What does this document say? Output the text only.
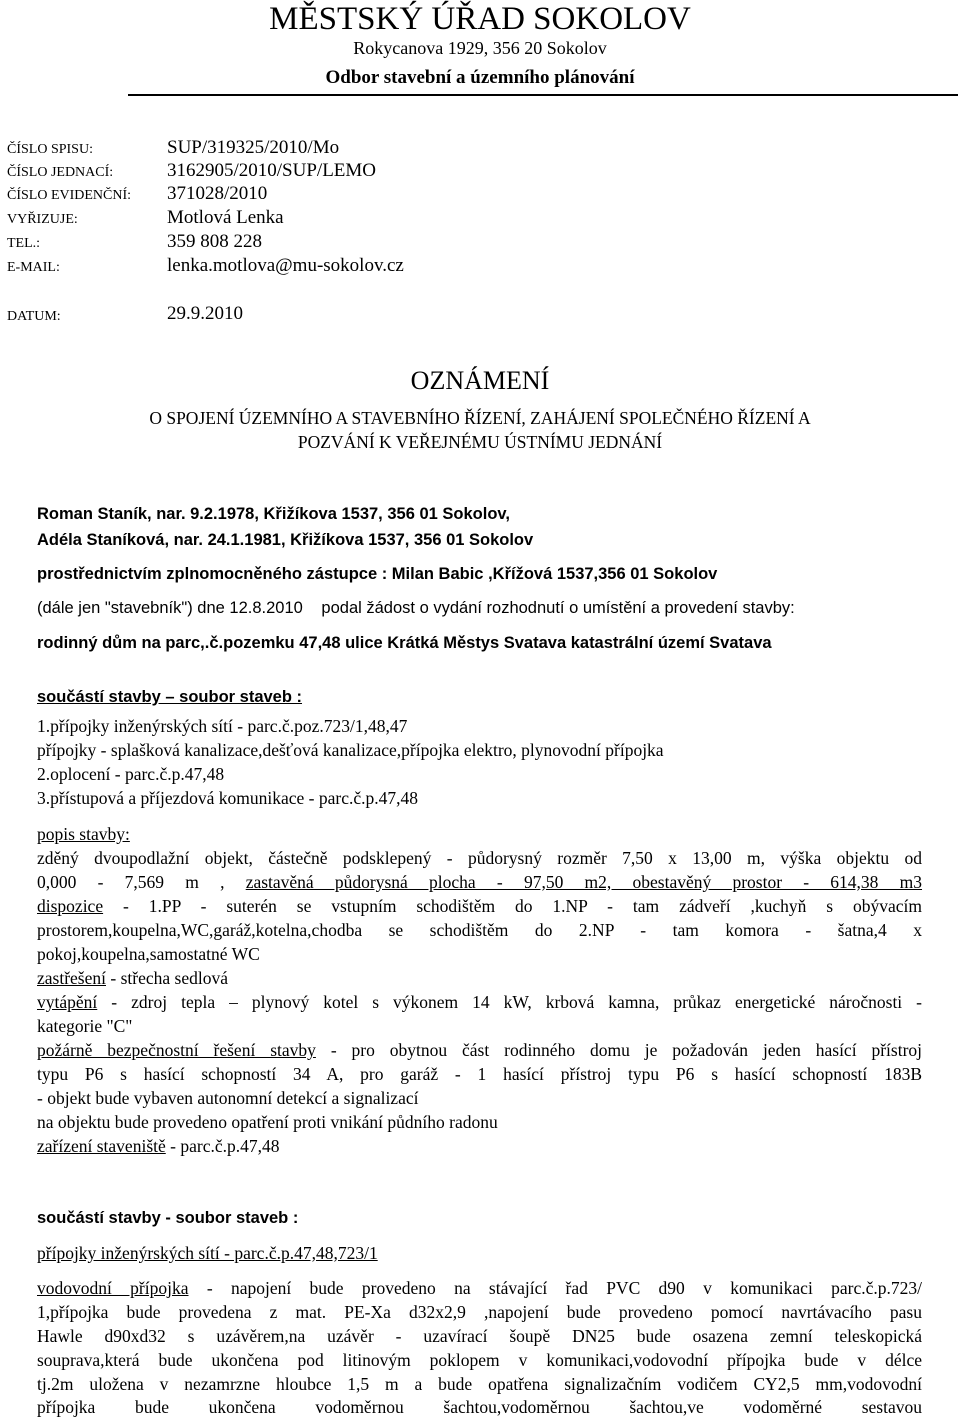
MĚSTSKÝ ÚŘAD SOKOLOV
Rokycanova 1929, 356 20 Sokolov
Odbor stavební a územního plánování
ČÍSLO SPISU:	SUP/319325/2010/Mo
ČÍSLO JEDNACÍ:	3162905/2010/SUP/LEMO
ČÍSLO EVIDENČNÍ: 371028/2010
VYŘIZUJE:	Motlová Lenka
TEL.:	359 808 228
E-MAIL:	lenka.motlova@mu-sokolov.cz
DATUM:	29.9.2010
OZNÁMENÍ
O SPOJENÍ ÚZEMNÍHO A STAVEBNÍHO ŘÍZENÍ, ZAHÁJENÍ SPOLEČNÉHO ŘÍZENÍ A
POZVÁNÍ K VEŘEJNÉMU ÚSTNÍMU JEDNÁNÍ
Roman Staník, nar. 9.2.1978, Křižíkova 1537, 356 01 Sokolov,
Adéla Staníková, nar. 24.1.1981, Křižíkova 1537, 356 01 Sokolov
prostřednictvím zplnomocněného zástupce : Milan Babic ,Křížová 1537,356 01 Sokolov
(dále jen "stavebník") dne 12.8.2010 podal žádost o vydání rozhodnutí o umístění a provedení stavby:
rodinný dům na parc,.č.pozemku 47,48 ulice Krátká Městys Svatava katastrální území Svatava
součástí stavby – soubor staveb :
1.přípojky inženýrských sítí - parc.č.poz.723/1,48,47
přípojky - splašková kanalizace,dešťová kanalizace,přípojka elektro, plynovodní přípojka
2.oplocení - parc.č.p.47,48
3.přístupová a příjezdová komunikace - parc.č.p.47,48
popis stavby:
zděný dvoupodlažní objekt, částečně podsklepený - půdorysný rozměr 7,50 x 13,00 m, výška objektu od
0,000 - 7,569 m , zastavěná půdorysná plocha - 97,50 m2, obestavěný prostor - 614,38 m3
dispozice - 1.PP - suterén se vstupním schodištěm do 1.NP - tam zádveří ,kuchyň s obývacím
prostorem,koupelna,WC,garáž,kotelna,chodba se schodištěm do 2.NP - tam komora - šatna,4 x
pokoj,koupelna,samostatné WC
zastřešení - střecha sedlová
vytápění - zdroj tepla – plynový kotel s výkonem 14 kW, krbová kamna, průkaz energetické náročnosti -
kategorie "C"
požárně bezpečnostní řešení stavby - pro obytnou část rodinného domu je požadován jeden hasící přístroj
typu P6 s hasící schopností 34 A, pro garáž - 1 hasící přístroj typu P6 s hasící schopností 183B
- objekt bude vybaven autonomní detekcí a signalizací
na objektu bude provedeno opatření proti vnikání půdního radonu
zařízení staveniště - parc.č.p.47,48
součástí stavby - soubor staveb :
přípojky inženýrských sítí - parc.č.p.47,48,723/1
vodovodní přípojka - napojení bude provedeno na stávající řad PVC d90 v komunikaci parc.č.p.723/
1,přípojka bude provedena z mat. PE-Xa d32x2,9 ,napojení bude provedeno pomocí navrtávacího pasu
Hawle d90xd32 s uzávěrem,na uzávěr - uzavírací šoupě DN25 bude osazena zemní teleskopická
souprava,která bude ukončena pod litinovým poklopem v komunikaci,vodovodní přípojka bude v délce
tj.2m uložena v nezamrzne hloubce 1,5 m a bude opatřena signalizačním vodičem CY2,5 mm,vodovodní
přípojka bude ukončena vodoměrnou šachtou,vodoměrnou šachtou,ve vodoměrné sestavou
